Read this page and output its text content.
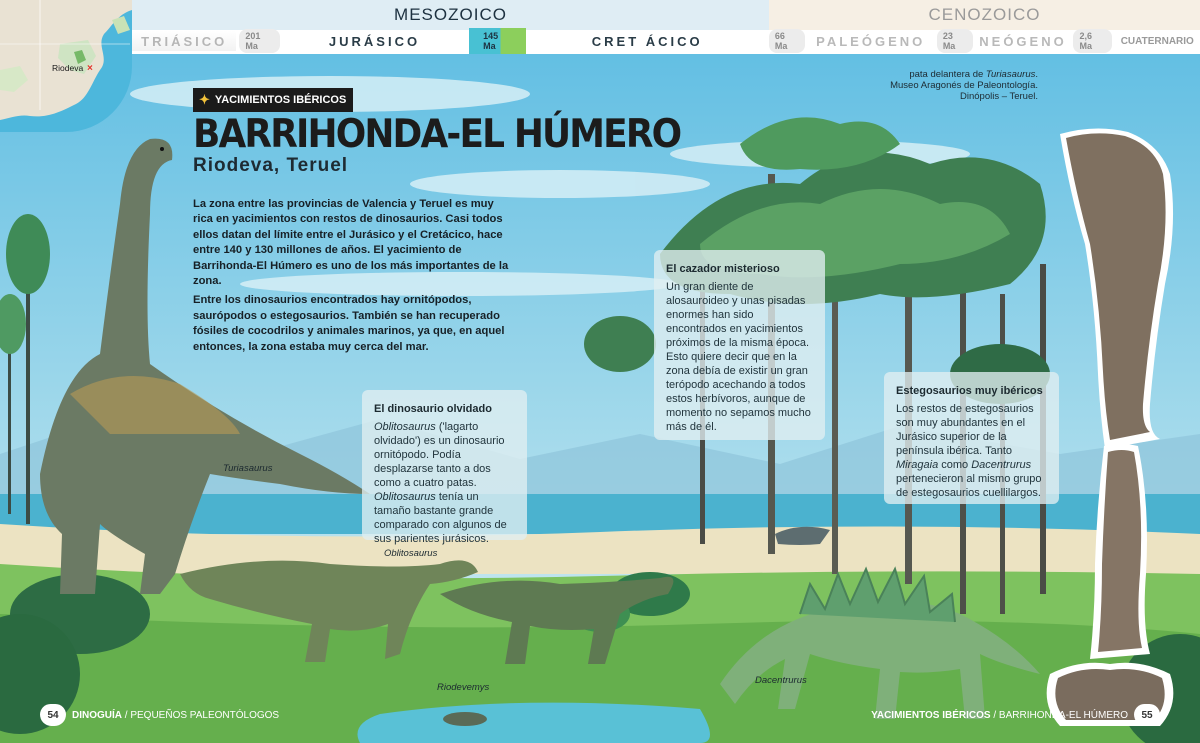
MESOZOICO	CENOZOICO
TRIÁSICO	201 Ma	JURÁSICO	145 Ma	CRET ÁCICO	66 Ma	PALEÓGENO	23 Ma	NEÓGENO	2,6 Ma	CUATERNARIO
Riodeva ×
✦ YACIMIENTOS IBÉRICOS
BARRIHONDA-EL HÚMERO
Riodeva, Teruel

La zona entre las provincias de Valencia y Teruel es muy rica en yacimientos con restos de dinosaurios. Casi todos ellos datan del límite entre el Jurásico y el Cretácico, hace entre 140 y 130 millones de años. El yacimiento de Barrihonda-El Húmero es uno de los más importantes de la zona.

Entre los dinosaurios encontrados hay ornitópodos, saurópodos o estegosaurios. También se han recuperado fósiles de cocodrilos y animales marinos, ya que, en aquel entonces, la zona estaba muy cerca del mar.

El dinosaurio olvidado

Oblitosaurus ('lagarto olvidado') es un dinosaurio ornitópodo. Podía desplazarse tanto a dos como a cuatro patas. Oblitosaurus tenía un tamaño bastante grande comparado con algunos de sus parientes jurásicos.

El cazador misterioso

Un gran diente de alosauroideo y unas pisadas enormes han sido encontrados en yacimientos próximos de la misma época. Esto quiere decir que en la zona debía de existir un gran terópodo acechando a todos estos herbívoros, aunque de momento no sepamos mucho más de él.

Estegosaurios muy ibéricos

Los restos de estegosaurios son muy abundantes en el Jurásico superior de la península ibérica. Tanto Miragaia como Dacentrurus pertenecieron al mismo grupo de estegosaurios cuellilargos.

Turiasaurus
Oblitosaurus
Riodevemys
Dacentrurus
pata delantera de Turiasaurus. Museo Aragonés de Paleontología. Dinópolis – Teruel.
54	DINOGUÍA / PEQUEÑOS PALEONTÓLOGOS	YACIMIENTOS IBÉRICOS / BARRIHONDA-EL HÚMERO	55
